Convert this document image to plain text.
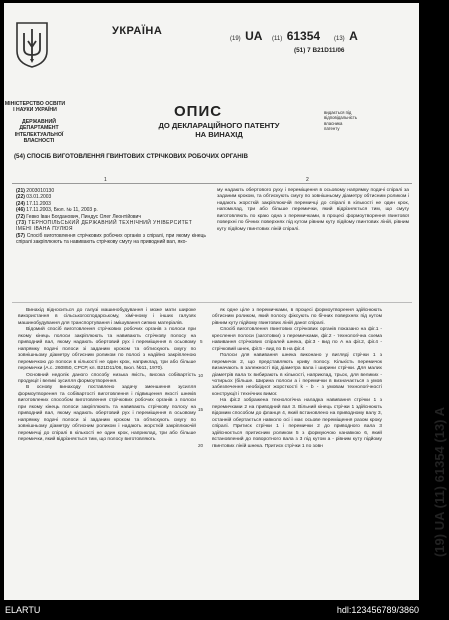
МІНІСТЕРСТВО ОСВІТИ
І НАУКИ УКРАЇНИ
ДЕРЖАВНИЙ ДЕПАРТАМЕНТ
ІНТЕЛЕКТУАЛЬНОЇ
ВЛАСНОСТІ
УКРАЇНА
(19) UA (11) 61354 (13) A
(51) 7 B21D11/06
ОПИС
ДО ДЕКЛАРАЦІЙНОГО ПАТЕНТУ
НА ВИНАХІД
видається під
відповідальність
власника
патенту
(54) СПОСІБ ВИГОТОВЛЕННЯ ГВИНТОВИХ СТРІЧКОВИХ РОБОЧИХ ОРГАНІВ
1	2
(21) 2003010130
(22) 03.01.2003
(24) 17.11.2003
(46) 17.11.2003, Бюл. № 11, 2003 р.
(72) Гевко Іван Богданович, Пиндус Олег Леонтійович
(73) ТЕРНОПІЛЬСЬКИЙ ДЕРЖАВНИЙ ТЕХНІЧНИЙ УНІВЕРСИТЕТ ІМЕНІ ІВАНА ПУЛЮЯ
(57) Спосіб виготовлення стрічкових робочих органів з спіралі, при якому кінець спіралі закріплюють та навивають стрічкову смугу на приводний вал, яко-
му надають обертового руху і переміщення в осьовому напрямку подачі спіралі за заданим кроком, та обтискують смугу по зовнішньому діаметру обтисним роликом і надають жорсткій закріплюючій перемичці до спіралі в кількості не один крок, напомклад, три або більше перемички, який відрізняється тим, що смугу виготовляють по краю одна з перемичками, в процесі формоутворення гвинтової поверхні по бічних поверхнях під кутом рівним куту підйому гвинтових ліній, рівним куту підйому гвинтових ліній спіралі.

Винахід відноситься до галузі машинобудування і може мати широке використання в сільськогосподарському, хімічному і інших галузях машинобудування для транспортування і змішування сипких матеріалів.

Відомий спосіб виготовлення стрічкових робочих органів з полоси при якому кінець полоси закріплюють та навивають стрічкову полосу на приводний вал, якому надають обертовий рух і переміщення в осьовому напрямку подачі полоси зі заданим кроком та обтискують смугу по зовнішньому діаметру обтисним роликом по полосі з надійно закріпленою перемичкою до полоси в кількості не один крок, наприклад, три або більше перемички (А.с. 260850, СРСР, кл. В21D11/06, Бюл. №11, 1970).

Основний недолік даного способу низька якість, висока собівартість продукції і великі зусилля формоутворення.

В основу винаходу поставлено задачу зменшення зусилля формоутворення та собівартості виготовлення і підвищення якості шнеків виготовлених способом виготовлення стрічкових робочих органів з полоси при якому кінець полоси закріплюють та навивають стрічкову полосу на приводний вал, якому надають обертовий рух і переміщення в осьовому напрямку подачі полоси зі заданим кроком та обтискують смугу по зовнішньому діаметру обтисним роликом і надають жорсткій закріплюючій перемичці до спіралі в кількості не один крок, наприклад, три або більше перемички, який відрізняється тим, що полосу виготовляють

5
10
15
20

як одне ціле з перемичками, в процесі формоутворення здійснюють обтисним роликом, який полосу фіксують по бічних поверхнях під кутом рівним куту підйому гвинтових ліній даної спіралі.

Спосіб виготовлення гвинтових стрічкових органів показано на фіг.1 - креслення полоси (заготовки) з перемичками, фіг.2 - технологічна схема навивання стрічкових спіралей шнека, фіг.3 - вид по А на фіг.2, фіг.4 - стрічковий шнек, фіг.5 - вид по Б на фіг.4

Полоси для навивання шнека виконано у вигляді стрічки 1 з перемичок 2, що представляють криву полосу. Кількість перемичок визначають в залежності від діаметра вала і ширини стрічки. Для малих діаметрів вала їх вибирають в кількості, наприклад, трьох, для великих - чотирьох (більше. Ширина полоси а і перемички в визначається з умов забезпечення необхідної жорсткості k - b - з умовам технологічності конструкції і технічних вимог.

На фіг.2 зображена технологічна наладка навивання стрічки 1 з перемичками 2 на приводний вал 3. Вільний кінець стрічки 1 здійснюють відомим способом до фланця 4, який встановлено на приводному валу 3, останній обертається навколо осі і має осьове переміщення разом кроку спіралі. Притиск стрічки 1 і перемички 2 до приводного вала 3 здійснюється притисним роликом 5 з формуючою канавкою 6, який встановлений до поворотного вала з 3 під кутом а - рівним куту підйому гвинтових ліній шнека. Притиск стрічки 1 по зовн	(19) UA (11) 61354 (13) A
ELARTU	hdl:123456789/3860
